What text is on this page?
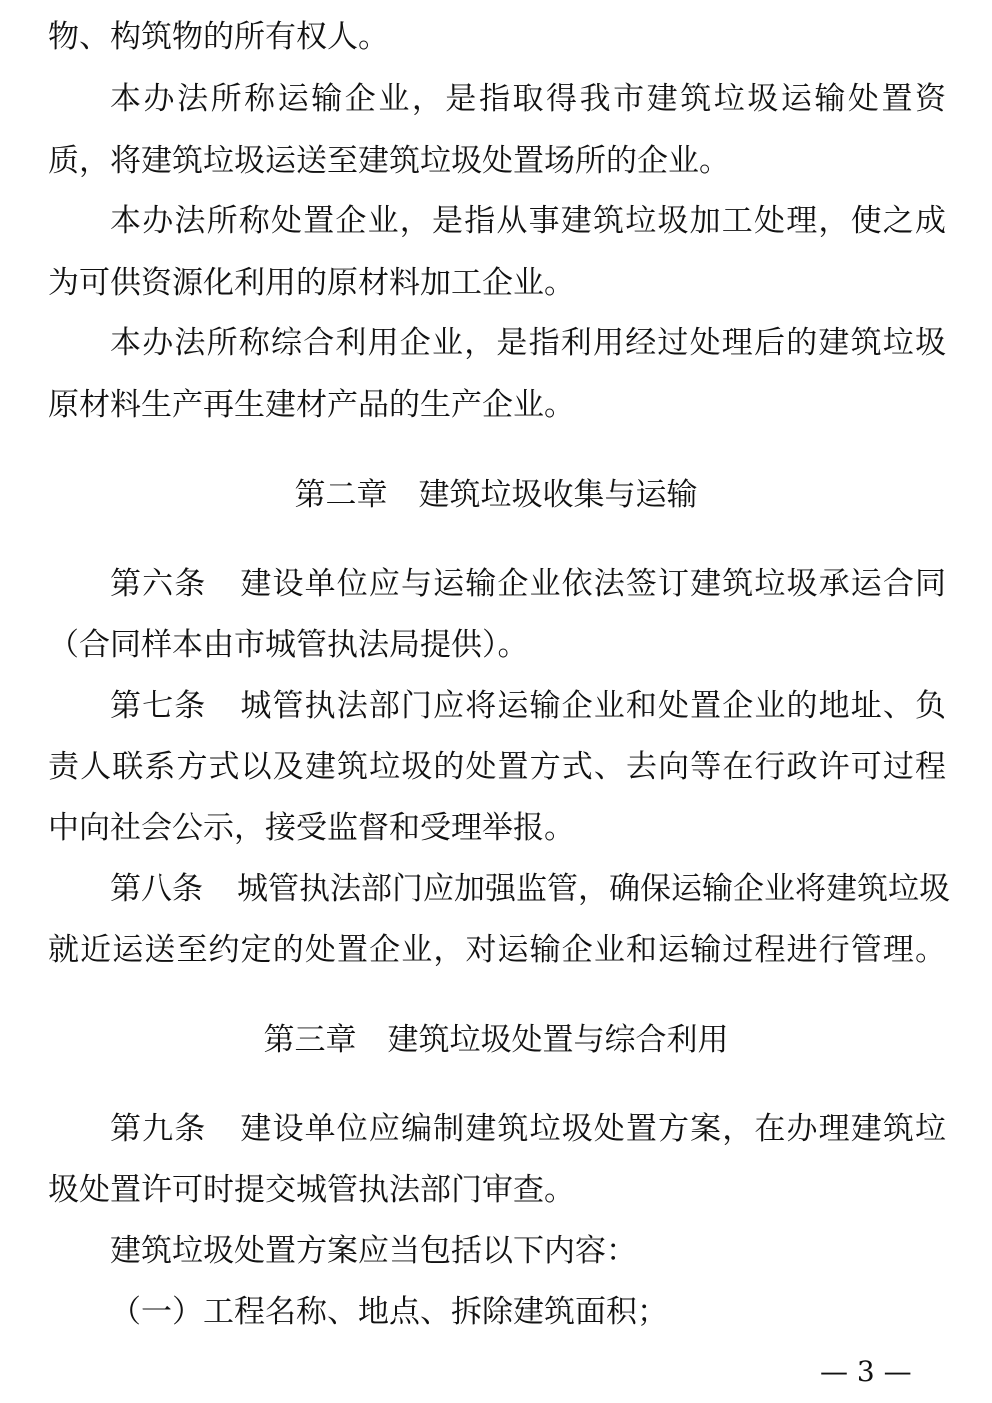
物、构筑物的所有权人。
本办法所称运输企业，是指取得我市建筑垃圾运输处置资
质，将建筑垃圾运送至建筑垃圾处置场所的企业。
本办法所称处置企业，是指从事建筑垃圾加工处理，使之成
为可供资源化利用的原材料加工企业。
本办法所称综合利用企业，是指利用经过处理后的建筑垃圾
原材料生产再生建材产品的生产企业。
第二章　 建筑垃圾收集与运输
第六条 建设单位应与运输企业依法签订建筑垃圾承运合同
（合同样本由市城管执法局提供）。
第七条 城管执法部门应将运输企业和处置企业的地址、负
责人联系方式以及建筑垃圾的处置方式、去向等在行政许可过程
中向社会公示，接受监督和受理举报。
第八条 城管执法部门应加强监管，确保运输企业将建筑垃圾
就近运送至约定的处置企业，对运输企业和运输过程进行管理。
第三章　 建筑垃圾处置与综合利用
第九条 建设单位应编制建筑垃圾处置方案，在办理建筑垃
圾处置许可时提交城管执法部门审查。
建筑垃圾处置方案应当包括以下内容：
（一）工程名称、地点、拆除建筑面积；
— 3 —
